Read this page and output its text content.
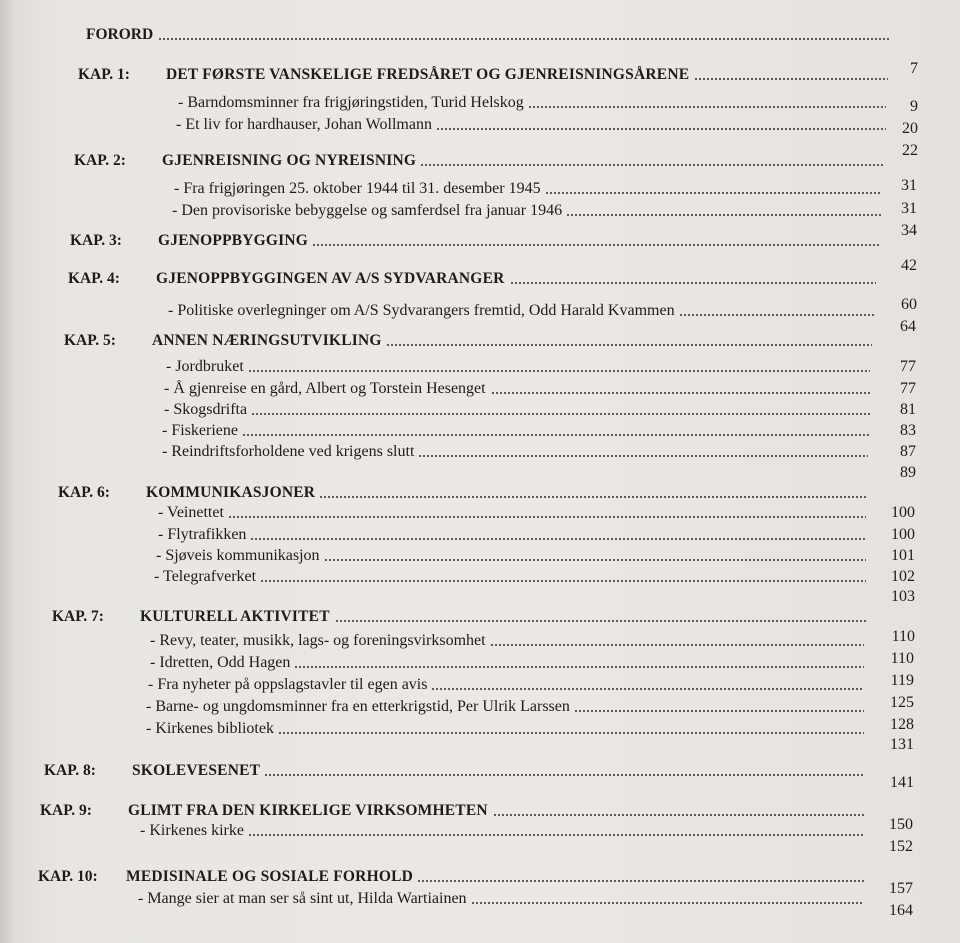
FORORD
KAP. 1: DET FØRSTE VANSKELIGE FREDSÅRET OG GJENREISNINGSÅRENE
- Barndomsminner fra frigjøringstiden, Turid Helskog
- Et liv for hardhauser, Johan Wollmann
KAP. 2: GJENREISNING OG NYREISNING
- Fra frigjøringen 25. oktober 1944 til 31. desember 1945
- Den provisoriske bebyggelse og samferdsel fra januar 1946
KAP. 3: GJENOPPBYGGING
KAP. 4: GJENOPPBYGGINGEN AV A/S SYDVARANGER
- Politiske overlegninger om A/S Sydvarangers fremtid, Odd Harald Kvammen
KAP. 5: ANNEN NÆRINGSUTVIKLING
- Jordbruket
- Å gjenreise en gård, Albert og Torstein Hesenget
- Skogsdrifta
- Fiskeriene
- Reindriftsforholdene ved krigens slutt
KAP. 6: KOMMUNIKASJONER
- Veinettet
- Flytrafikken
- Sjøveis kommunikasjon
- Telegrafverket
KAP. 7: KULTURELL AKTIVITET
- Revy, teater, musikk, lags- og foreningsvirksomhet
- Idretten, Odd Hagen
- Fra nyheter på oppslagstavler til egen avis
- Barne- og ungdomsminner fra en etterkrigstid, Per Ulrik Larssen
- Kirkenes bibliotek
KAP. 8: SKOLEVESENET
KAP. 9: GLIMT FRA DEN KIRKELIGE VIRKSOMHETEN
- Kirkenes kirke
KAP. 10: MEDISINALE OG SOSIALE FORHOLD
- Mange sier at man ser så sint ut, Hilda Wartiainen
7
9
20
22
31
31
34
42
60
64
77
77
81
83
87
89
100
100
101
102
103
110
110
119
125
128
131
141
150
152
157
164
